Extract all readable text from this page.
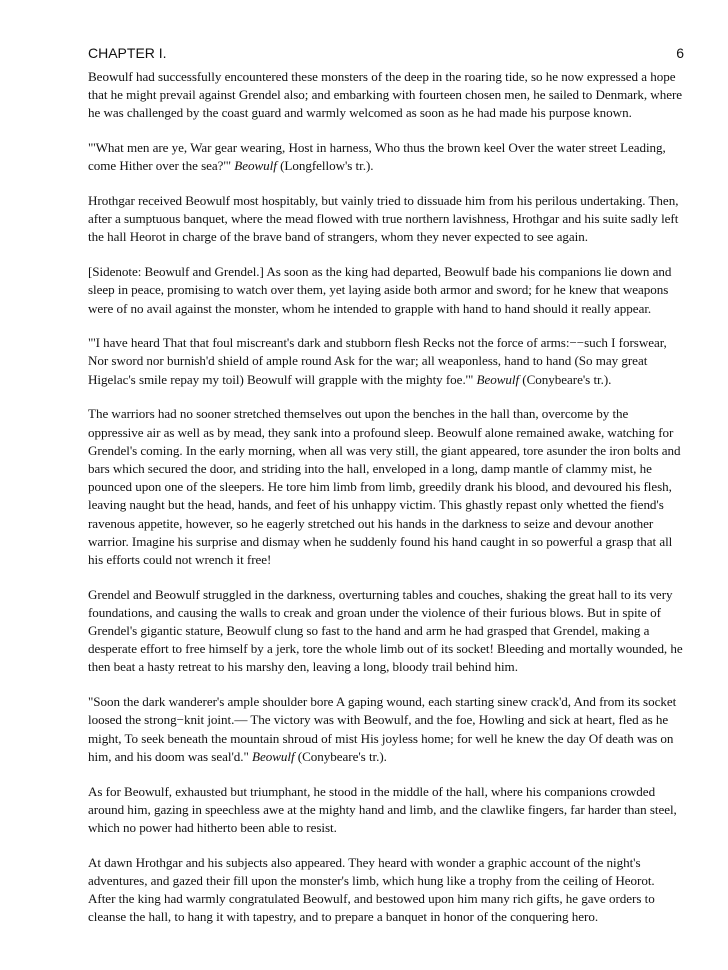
CHAPTER I.	6

Beowulf had successfully encountered these monsters of the deep in the roaring tide, so he now expressed a hope that he might prevail against Grendel also; and embarking with fourteen chosen men, he sailed to Denmark, where he was challenged by the coast guard and warmly welcomed as soon as he had made his purpose known.

"'What men are ye, War gear wearing, Host in harness, Who thus the brown keel Over the water street Leading, come Hither over the sea?'" Beowulf (Longfellow's tr.).

Hrothgar received Beowulf most hospitably, but vainly tried to dissuade him from his perilous undertaking. Then, after a sumptuous banquet, where the mead flowed with true northern lavishness, Hrothgar and his suite sadly left the hall Heorot in charge of the brave band of strangers, whom they never expected to see again.

[Sidenote: Beowulf and Grendel.] As soon as the king had departed, Beowulf bade his companions lie down and sleep in peace, promising to watch over them, yet laying aside both armor and sword; for he knew that weapons were of no avail against the monster, whom he intended to grapple with hand to hand should it really appear.

"'I have heard That that foul miscreant's dark and stubborn flesh Recks not the force of arms:−−such I forswear, Nor sword nor burnish'd shield of ample round Ask for the war; all weaponless, hand to hand (So may great Higelac's smile repay my toil) Beowulf will grapple with the mighty foe.'" Beowulf (Conybeare's tr.).

The warriors had no sooner stretched themselves out upon the benches in the hall than, overcome by the oppressive air as well as by mead, they sank into a profound sleep. Beowulf alone remained awake, watching for Grendel's coming. In the early morning, when all was very still, the giant appeared, tore asunder the iron bolts and bars which secured the door, and striding into the hall, enveloped in a long, damp mantle of clammy mist, he pounced upon one of the sleepers. He tore him limb from limb, greedily drank his blood, and devoured his flesh, leaving naught but the head, hands, and feet of his unhappy victim. This ghastly repast only whetted the fiend's ravenous appetite, however, so he eagerly stretched out his hands in the darkness to seize and devour another warrior. Imagine his surprise and dismay when he suddenly found his hand caught in so powerful a grasp that all his efforts could not wrench it free!

Grendel and Beowulf struggled in the darkness, overturning tables and couches, shaking the great hall to its very foundations, and causing the walls to creak and groan under the violence of their furious blows. But in spite of Grendel's gigantic stature, Beowulf clung so fast to the hand and arm he had grasped that Grendel, making a desperate effort to free himself by a jerk, tore the whole limb out of its socket! Bleeding and mortally wounded, he then beat a hasty retreat to his marshy den, leaving a long, bloody trail behind him.

"Soon the dark wanderer's ample shoulder bore A gaping wound, each starting sinew crack'd, And from its socket loosed the strong−knit joint.— The victory was with Beowulf, and the foe, Howling and sick at heart, fled as he might, To seek beneath the mountain shroud of mist His joyless home; for well he knew the day Of death was on him, and his doom was seal'd." Beowulf (Conybeare's tr.).

As for Beowulf, exhausted but triumphant, he stood in the middle of the hall, where his companions crowded around him, gazing in speechless awe at the mighty hand and limb, and the clawlike fingers, far harder than steel, which no power had hitherto been able to resist.

At dawn Hrothgar and his subjects also appeared. They heard with wonder a graphic account of the night's adventures, and gazed their fill upon the monster's limb, which hung like a trophy from the ceiling of Heorot. After the king had warmly congratulated Beowulf, and bestowed upon him many rich gifts, he gave orders to cleanse the hall, to hang it with tapestry, and to prepare a banquet in honor of the conquering hero.
